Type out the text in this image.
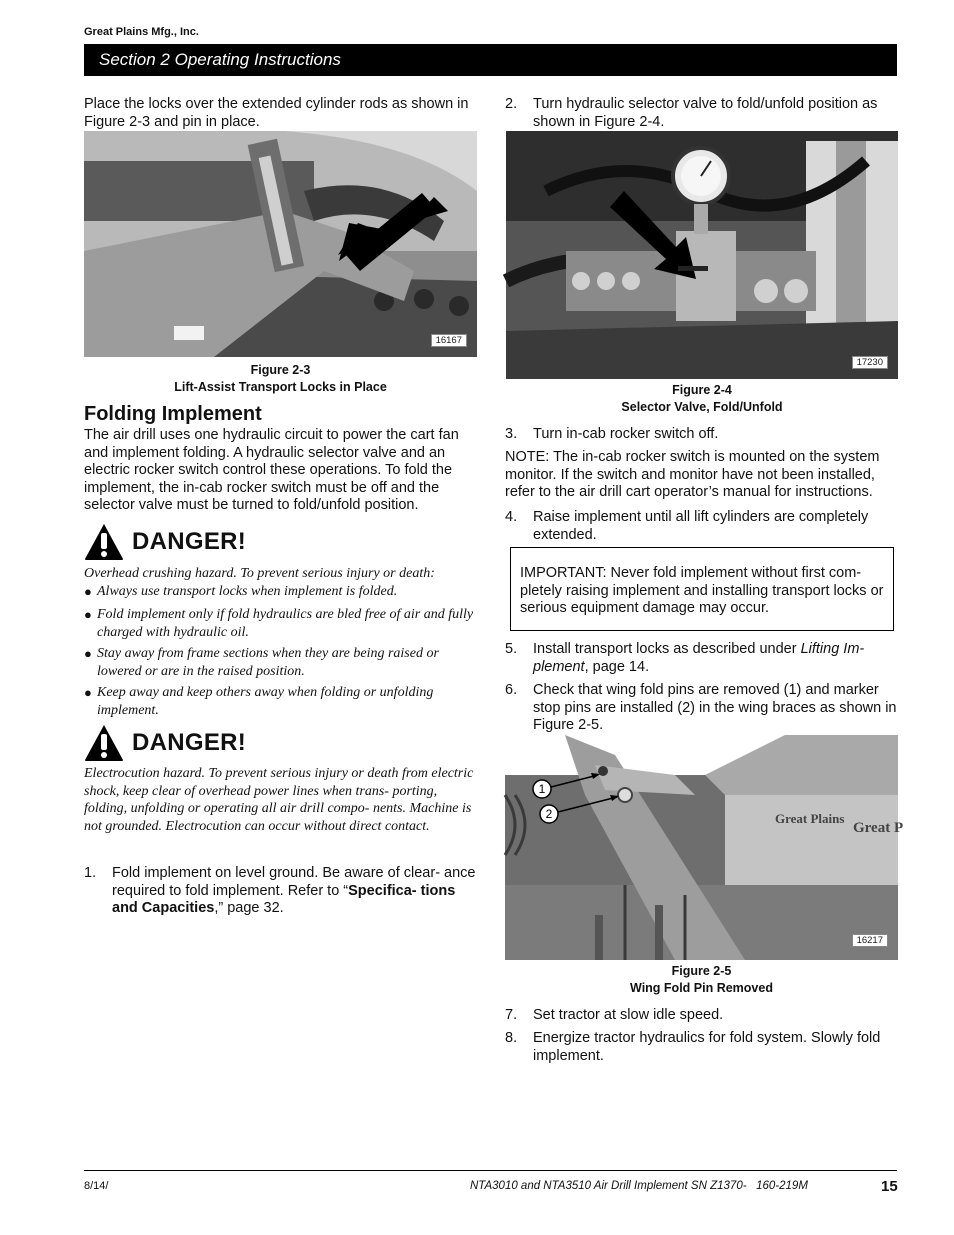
Great Plains Mfg., Inc.
Section 2 Operating Instructions

Place the locks over the extended cylinder rods as shown in Figure 2-3 and pin in place.

16167
Figure 2-3
Lift-Assist Transport Locks in Place
Folding Implement

The air drill uses one hydraulic circuit to power the cart fan and implement folding. A hydraulic selector valve and an electric rocker switch control these operations. To fold the implement, the in-cab rocker switch must be off and the selector valve must be turned to fold/unfold position.

DANGER!

Overhead crushing hazard. To prevent serious injury or death:

● Always use transport locks when implement is folded.
● Fold implement only if fold hydraulics are bled free of air and fully charged with hydraulic oil.
● Stay away from frame sections when they are being raised or lowered or are in the raised position.
● Keep away and keep others away when folding or unfolding implement.
DANGER!

Electrocution hazard. To prevent serious injury or death from electric shock, keep clear of overhead power lines when trans- porting, folding, unfolding or operating all air drill compo- nents. Machine is not grounded. Electrocution can occur without direct contact.

1. Fold implement on level ground. Be aware of clear- ance required to fold implement. Refer to “Specifica- tions and Capacities,” page 32.
2. Turn hydraulic selector valve to fold/unfold position as shown in Figure 2-4.
17230
Figure 2-4
Selector Valve, Fold/Unfold
3. Turn in-cab rocker switch off.

NOTE: The in-cab rocker switch is mounted on the system monitor. If the switch and monitor have not been installed, refer to the air drill cart operator’s manual for instructions.

4. Raise implement until all lift cylinders are completely extended.

IMPORTANT: Never fold implement without first com- pletely raising implement and installing transport locks or serious equipment damage may occur.

5. Install transport locks as described under Lifting Im- plement, page 14.
6. Check that wing fold pins are removed (1) and marker stop pins are installed (2) in the wing braces as shown in Figure 2-5.
1
2	Great Plains
Great P
16217
Figure 2-5
Wing Fold Pin Removed
7. Set tractor at slow idle speed.
8. Energize tractor hydraulics for fold system. Slowly fold implement.
8/14/	NTA3010 and NTA3510 Air Drill Implement SN Z1370-   160-219M	15
